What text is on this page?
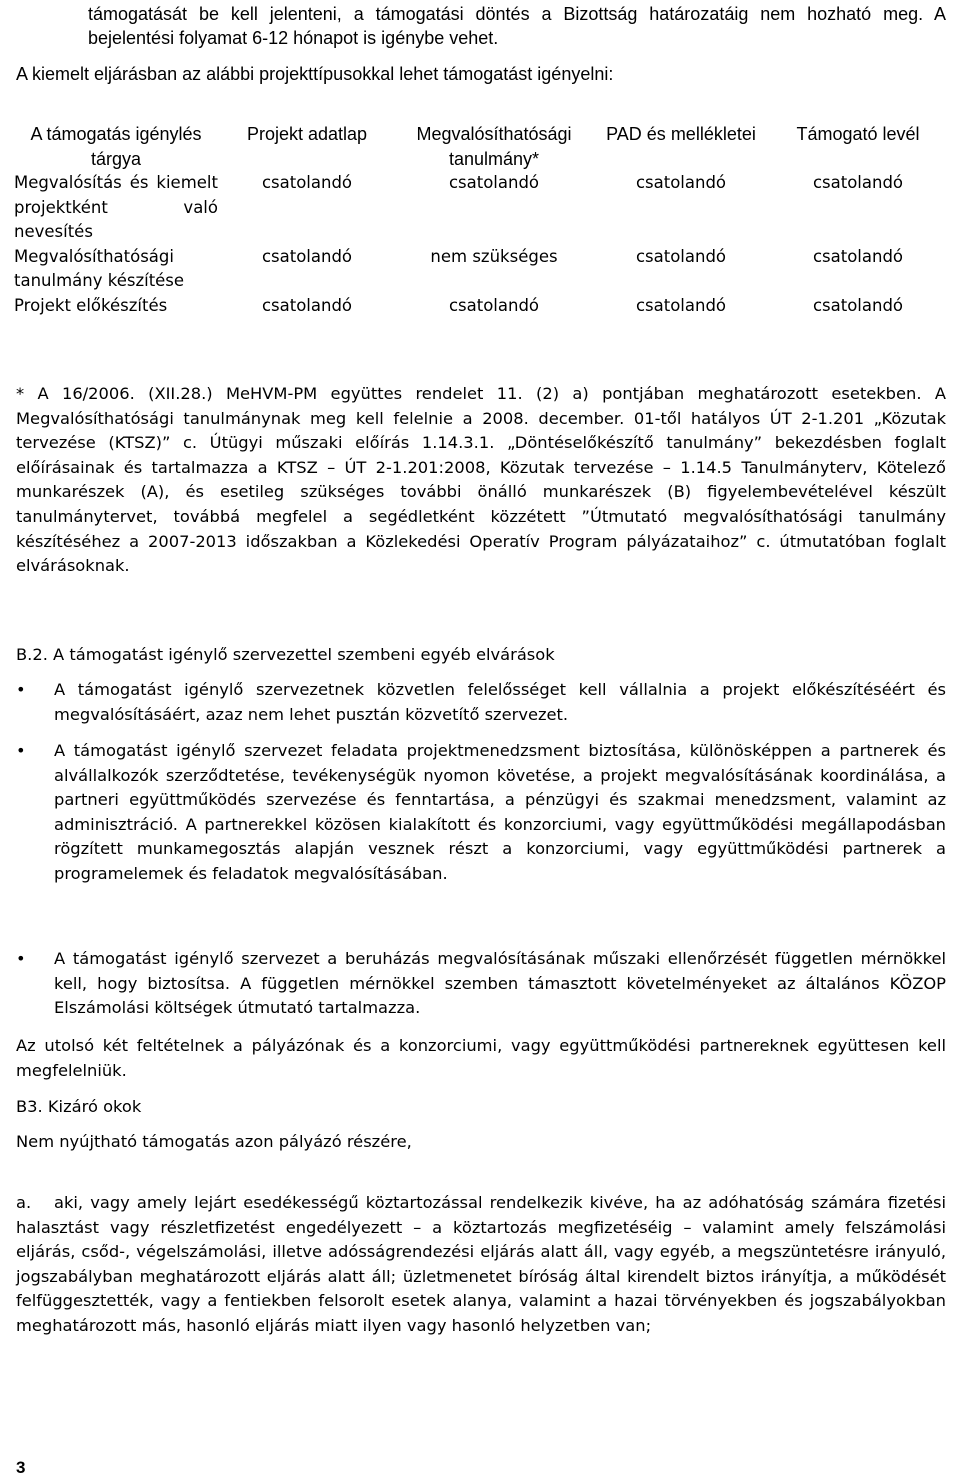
támogatását be kell jelenteni, a támogatási döntés a Bizottság határozatáig nem hozható meg. A bejelentési folyamat 6-12 hónapot is igénybe vehet.
A kiemelt eljárásban az alábbi projekttípusokkal lehet támogatást igényelni:
A támogatás igénylés tárgya	Projekt adatlap	Megvalósíthatósági tanulmány*	PAD és mellékletei	Támogató levél
Megvalósítás és kiemelt projektként való nevesítés	csatolandó	csatolandó	csatolandó	csatolandó
Megvalósíthatósági tanulmány készítése	csatolandó	nem szükséges	csatolandó	csatolandó
Projekt előkészítés	csatolandó	csatolandó	csatolandó	csatolandó
* A 16/2006. (XII.28.) MeHVM-PM együttes rendelet 11. (2) a) pontjában meghatározott esetekben. A Megvalósíthatósági tanulmánynak meg kell felelnie a 2008. december. 01-től hatályos ÚT 2-1.201 „Közutak tervezése (KTSZ)” c. Útügyi műszaki előírás 1.14.3.1. „Döntéselőkészítő tanulmány” bekezdésben foglalt előírásainak és tartalmazza a KTSZ – ÚT 2-1.201:2008, Közutak tervezése – 1.14.5 Tanulmányterv, Kötelező munkarészek (A), és esetileg szükséges további önálló munkarészek (B) figyelembevételével készült tanulmánytervet, továbbá megfelel a segédletként közzétett ”Útmutató megvalósíthatósági tanulmány készítéséhez a 2007-2013 időszakban a Közlekedési Operatív Program pályázataihoz” c. útmutatóban foglalt elvárásoknak.
B.2. A támogatást igénylő szervezettel szembeni egyéb elvárások
•	A támogatást igénylő szervezetnek közvetlen felelősséget kell vállalnia a projekt előkészítéséért és megvalósításáért, azaz nem lehet pusztán közvetítő szervezet.
•	A támogatást igénylő szervezet feladata projektmenedzsment biztosítása, különösképpen a partnerek és alvállalkozók szerződtetése, tevékenységük nyomon követése, a projekt megvalósításának koordinálása, a partneri együttműködés szervezése és fenntartása, a pénzügyi és szakmai menedzsment, valamint az adminisztráció. A partnerekkel közösen kialakított és konzorciumi, vagy együttműködési megállapodásban rögzített munkamegosztás alapján vesznek részt a konzorciumi, vagy együttműködési partnerek a programelemek és feladatok megvalósításában.
•	A támogatást igénylő szervezet a beruházás megvalósításának műszaki ellenőrzését független mérnökkel kell, hogy biztosítsa. A független mérnökkel szemben támasztott követelményeket az általános KÖZOP Elszámolási költségek útmutató tartalmazza.
Az utolsó két feltételnek a pályázónak és a konzorciumi, vagy együttműködési partnereknek együttesen kell megfelelniük.
B3. Kizáró okok
Nem nyújtható támogatás azon pályázó részére,
a. aki, vagy amely lejárt esedékességű köztartozással rendelkezik kivéve, ha az adóhatóság számára fizetési halasztást vagy részletfizetést engedélyezett – a köztartozás megfizetéséig – valamint amely felszámolási eljárás, csőd-, végelszámolási, illetve adósságrendezési eljárás alatt áll, vagy egyéb, a megszüntetésre irányuló, jogszabályban meghatározott eljárás alatt áll; üzletmenetet bíróság által kirendelt biztos irányítja, a működését felfüggesztették, vagy a fentiekben felsorolt esetek alanya, valamint a hazai törvényekben és jogszabályokban meghatározott más, hasonló eljárás miatt ilyen vagy hasonló helyzetben van;
3
